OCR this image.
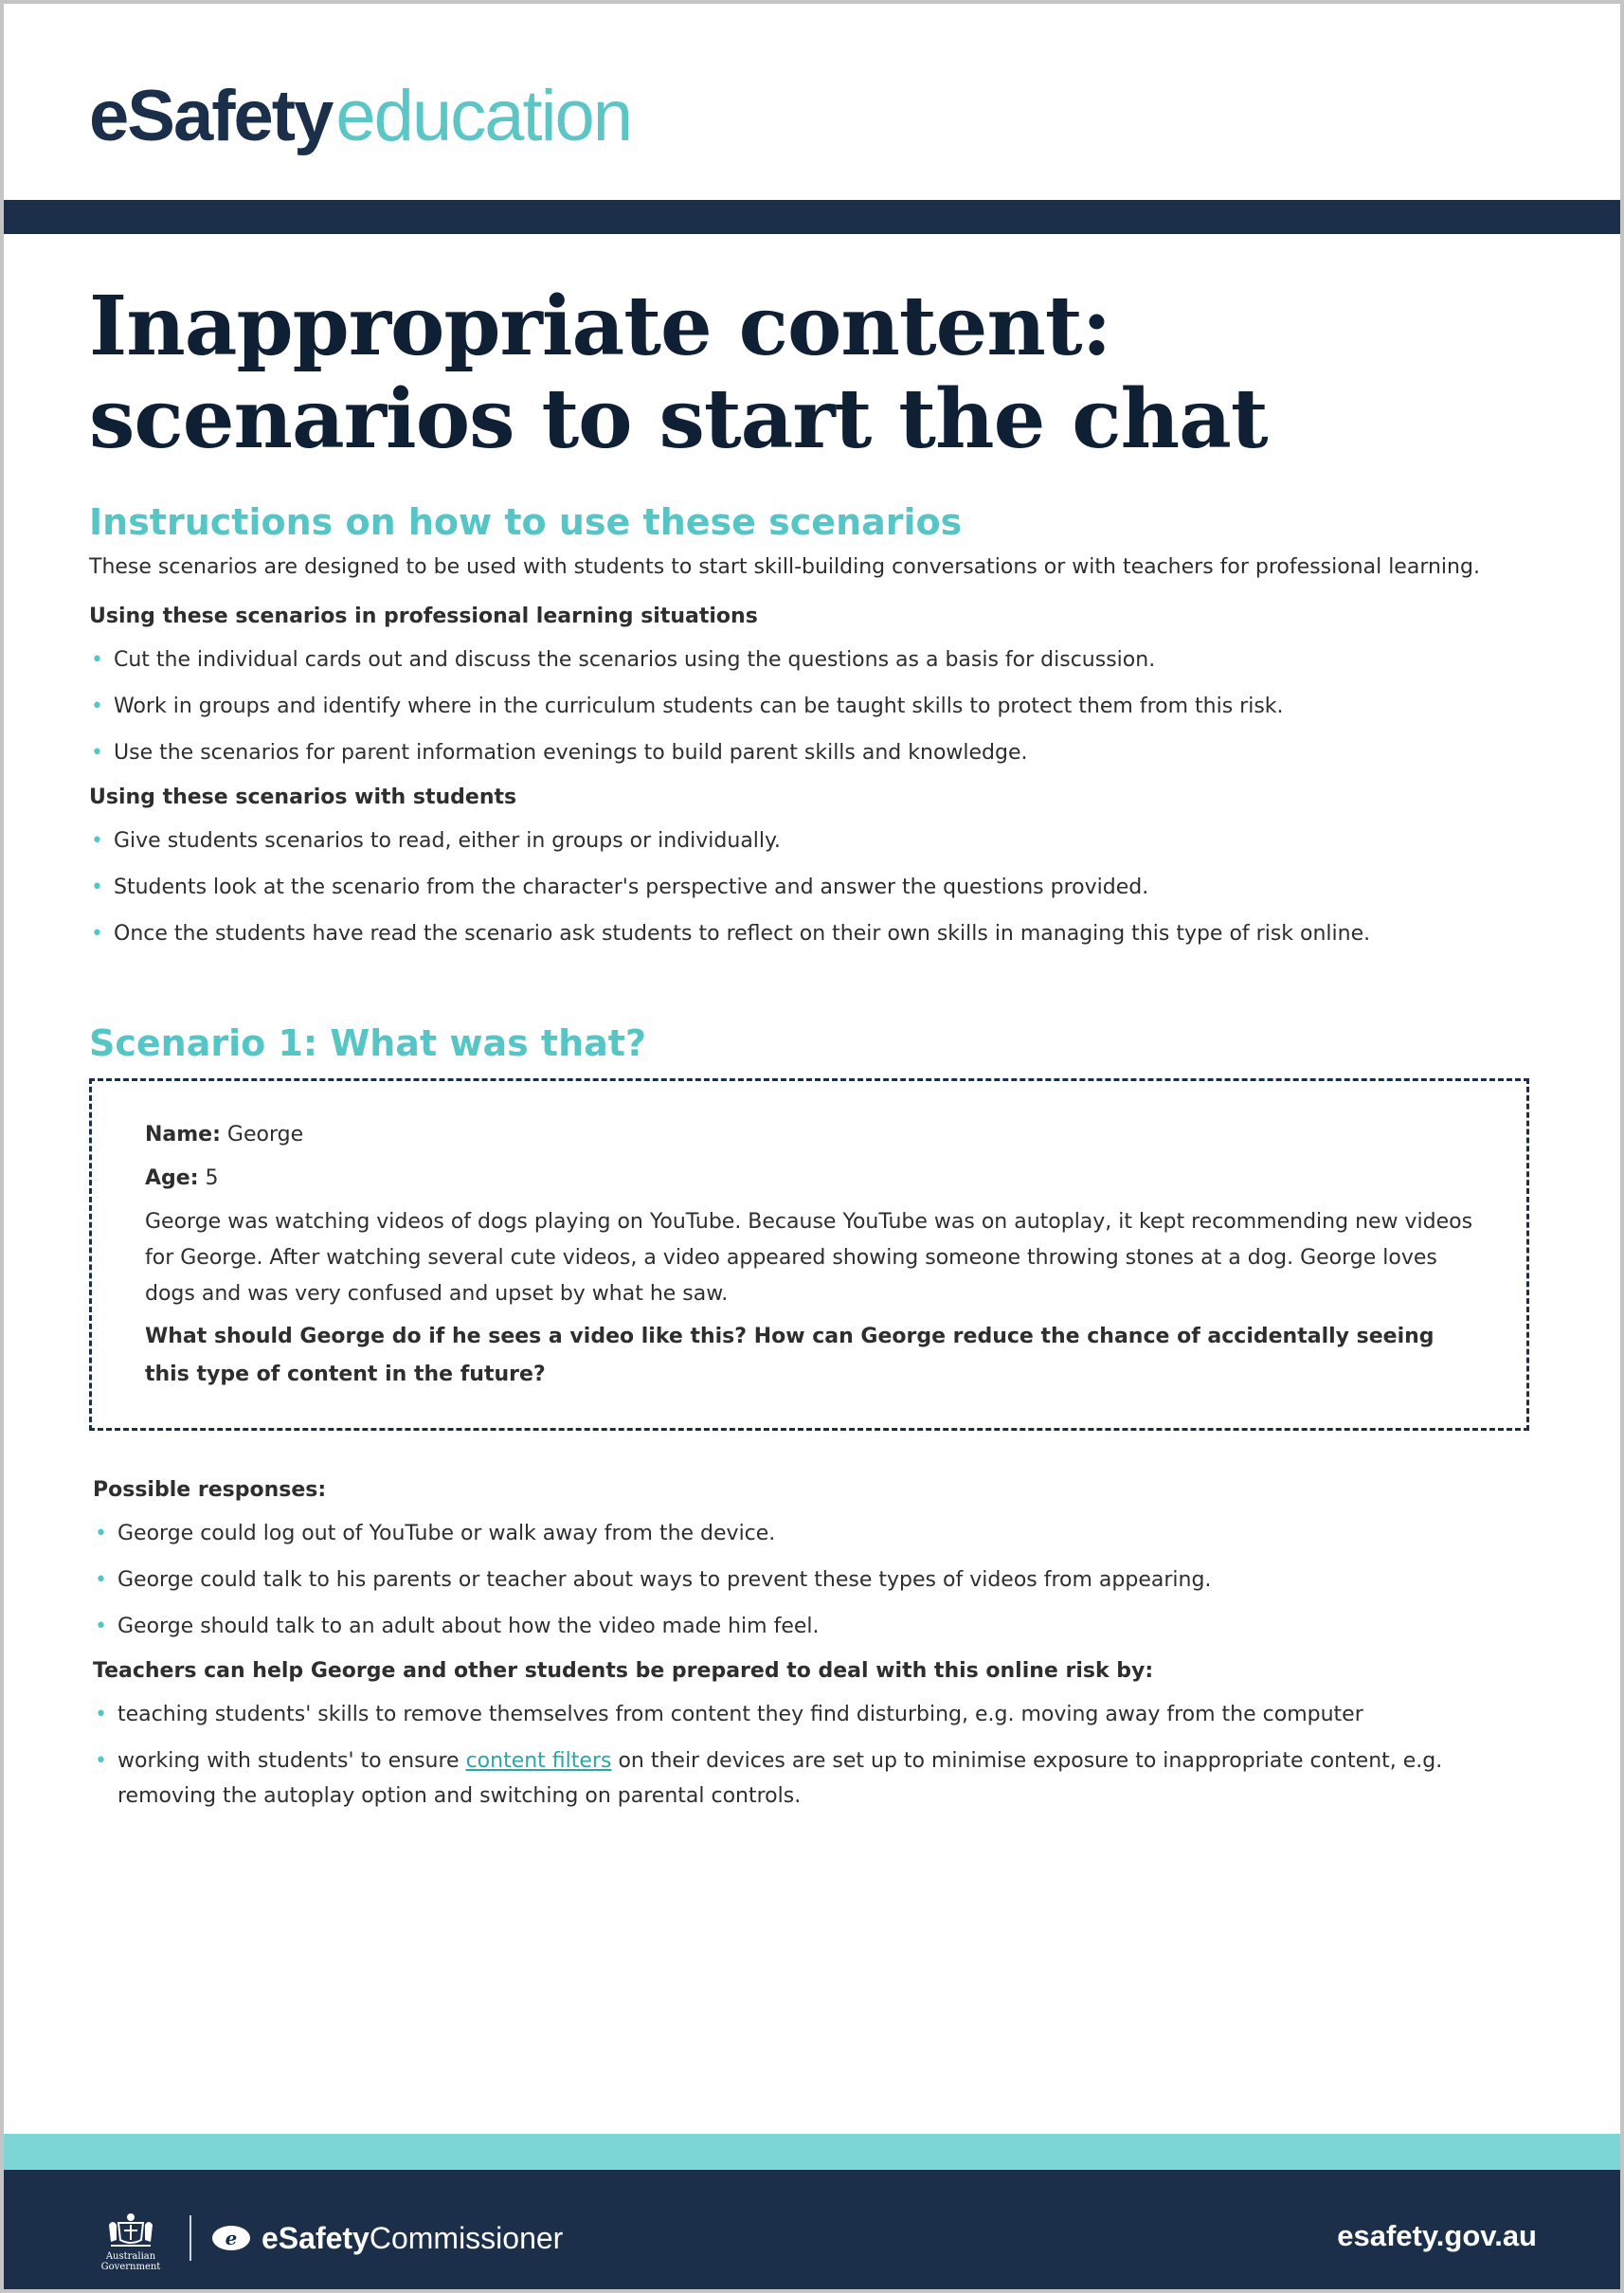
eSafetyeducation
Inappropriate content:
scenarios to start the chat
Instructions on how to use these scenarios

These scenarios are designed to be used with students to start skill-building conversations or with teachers for professional learning.

Using these scenarios in professional learning situations

• Cut the individual cards out and discuss the scenarios using the questions as a basis for discussion.
• Work in groups and identify where in the curriculum students can be taught skills to protect them from this risk.
• Use the scenarios for parent information evenings to build parent skills and knowledge.

Using these scenarios with students

• Give students scenarios to read, either in groups or individually.
• Students look at the scenario from the character's perspective and answer the questions provided.
• Once the students have read the scenario ask students to reflect on their own skills in managing this type of risk online.
Scenario 1: What was that?
Name: George
Age: 5

George was watching videos of dogs playing on YouTube. Because YouTube was on autoplay, it kept recommending new videos for George. After watching several cute videos, a video appeared showing someone throwing stones at a dog. George loves dogs and was very confused and upset by what he saw.

What should George do if he sees a video like this? How can George reduce the chance of accidentally seeing this type of content in the future?

Possible responses:

• George could log out of YouTube or walk away from the device.
• George could talk to his parents or teacher about ways to prevent these types of videos from appearing.
• George should talk to an adult about how the video made him feel.

Teachers can help George and other students be prepared to deal with this online risk by:

• teaching students' skills to remove themselves from content they find disturbing, e.g. moving away from the computer
• working with students' to ensure content filters on their devices are set up to minimise exposure to inappropriate content, e.g. removing the autoplay option and switching on parental controls.
Australian Government
e eSafety Commissioner	esafety.gov.au
